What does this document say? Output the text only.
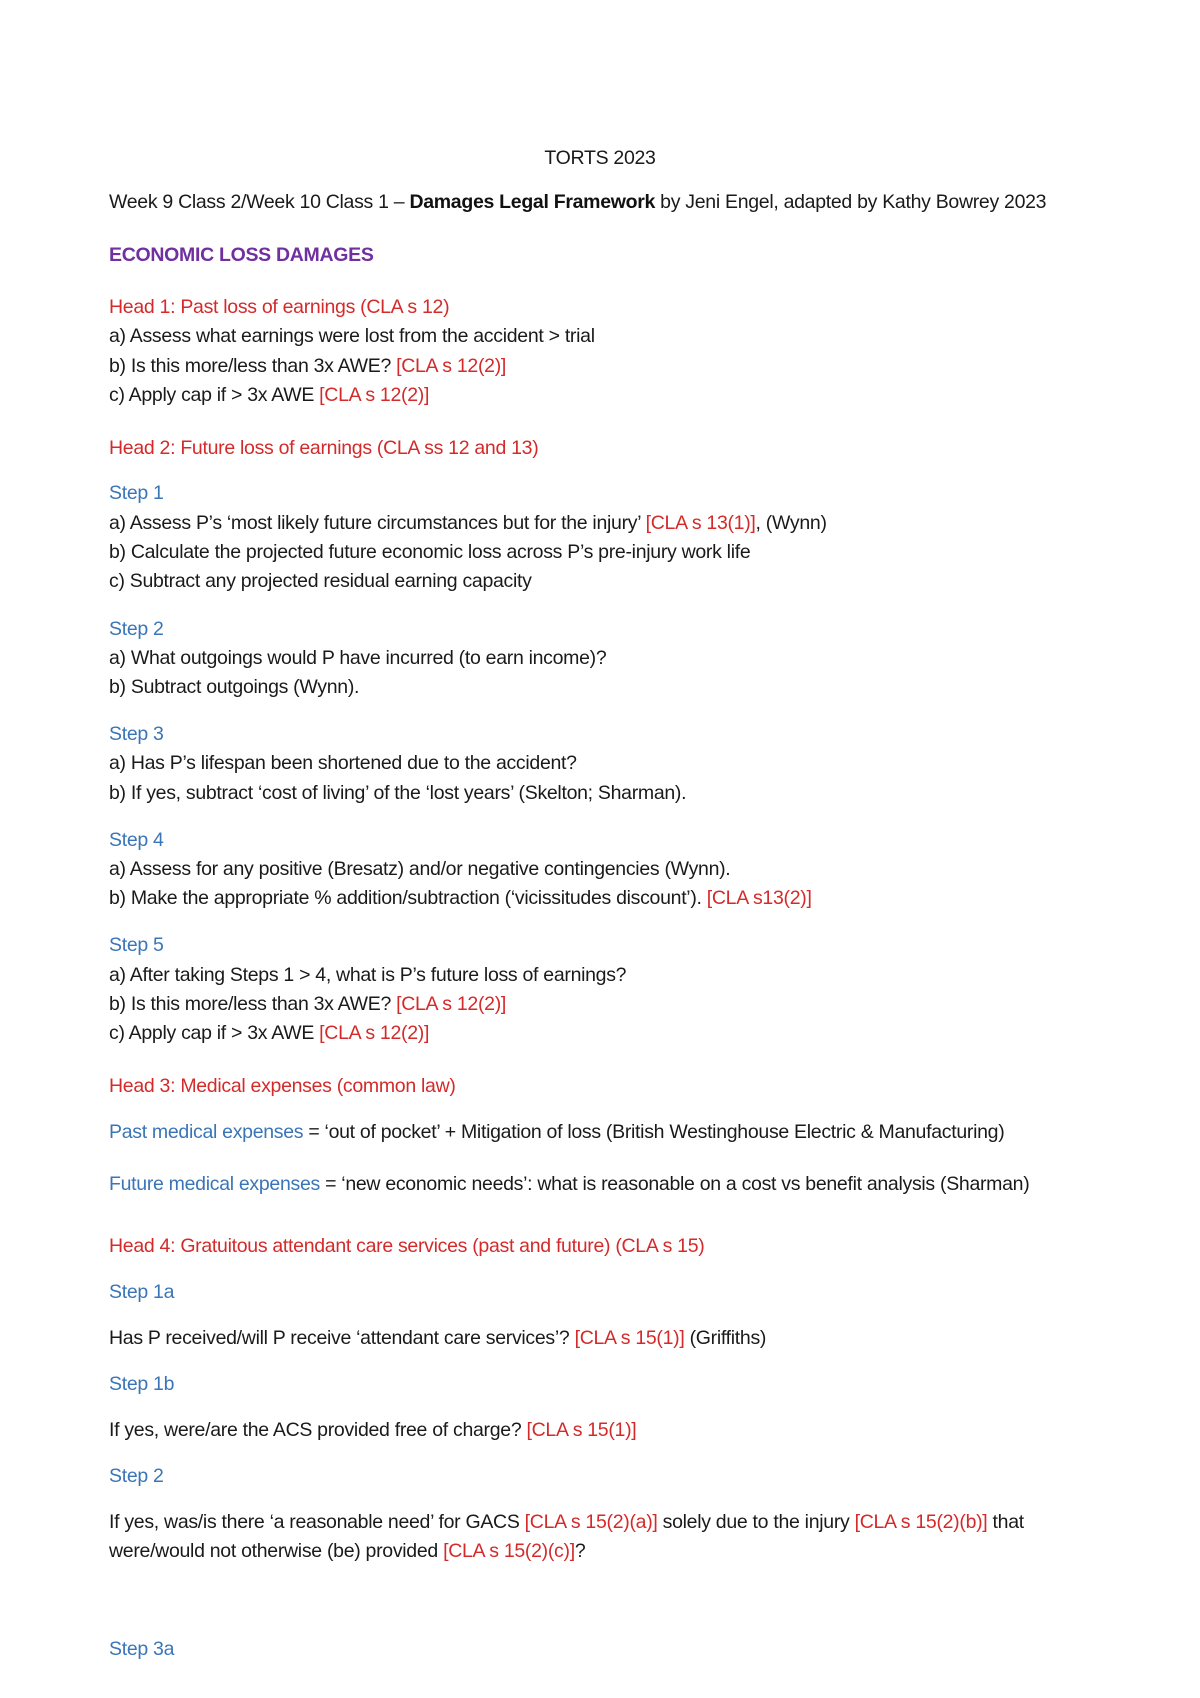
TORTS 2023
Week 9 Class 2/Week 10 Class 1 – Damages Legal Framework by Jeni Engel, adapted by Kathy Bowrey 2023
ECONOMIC LOSS DAMAGES
Head 1: Past loss of earnings (CLA s 12)
a) Assess what earnings were lost from the accident > trial
b) Is this more/less than 3x AWE? [CLA s 12(2)]
c) Apply cap if > 3x AWE [CLA s 12(2)]
Head 2: Future loss of earnings (CLA ss 12 and 13)
Step 1
a) Assess P’s ‘most likely future circumstances but for the injury’ [CLA s 13(1)], (Wynn)
b) Calculate the projected future economic loss across P’s pre-injury work life
c) Subtract any projected residual earning capacity
Step 2
a) What outgoings would P have incurred (to earn income)?
b) Subtract outgoings (Wynn).
Step 3
a) Has P’s lifespan been shortened due to the accident?
b) If yes, subtract ‘cost of living’ of the ‘lost years’ (Skelton; Sharman).
Step 4
a) Assess for any positive (Bresatz) and/or negative contingencies (Wynn).
b) Make the appropriate % addition/subtraction (‘vicissitudes discount’). [CLA s13(2)]
Step 5
a) After taking Steps 1 > 4, what is P’s future loss of earnings?
b) Is this more/less than 3x AWE? [CLA s 12(2)]
c) Apply cap if > 3x AWE [CLA s 12(2)]
Head 3: Medical expenses (common law)
Past medical expenses = ‘out of pocket’ + Mitigation of loss (British Westinghouse Electric & Manufacturing)
Future medical expenses = ‘new economic needs’: what is reasonable on a cost vs benefit analysis (Sharman)
Head 4: Gratuitous attendant care services (past and future) (CLA s 15)
Step 1a
Has P received/will P receive ‘attendant care services’? [CLA s 15(1)] (Griffiths)
Step 1b
If yes, were/are the ACS provided free of charge? [CLA s 15(1)]
Step 2
If yes, was/is there ‘a reasonable need’ for GACS [CLA s 15(2)(a)] solely due to the injury [CLA s 15(2)(b)] that
were/would not otherwise (be) provided [CLA s 15(2)(c)]?
Step 3a
